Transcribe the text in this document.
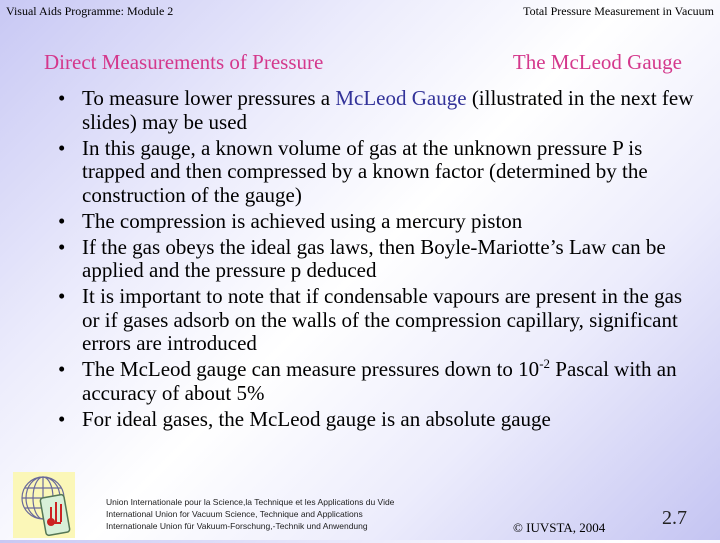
Visual Aids Programme: Module 2	Total Pressure Measurement in Vacuum
Direct Measurements of Pressure	The McLeod Gauge
• To measure lower pressures a McLeod Gauge (illustrated in the next few slides) may be used
• In this gauge, a known volume of gas at the unknown pressure P is trapped and then compressed by a known factor (determined by the construction of the gauge)
• The compression is achieved using a mercury piston
• If the gas obeys the ideal gas laws, then Boyle-Mariotte’s Law can be applied and the pressure p deduced
• It is important to note that if condensable vapours are present in the gas or if gases adsorb on the walls of the compression capillary, significant errors are introduced
• The McLeod gauge can measure pressures down to $10^{-2}$ Pascal with an accuracy of about 5%
• For ideal gases, the McLeod gauge is an absolute gauge
Union Internationale pour la Science,la Technique et les Applications du Vide
International Union for Vacuum Science, Technique and Applications
Internationale Union für Vakuum-Forschung,-Technik und Anwendung	© IUVSTA, 2004	2.7
